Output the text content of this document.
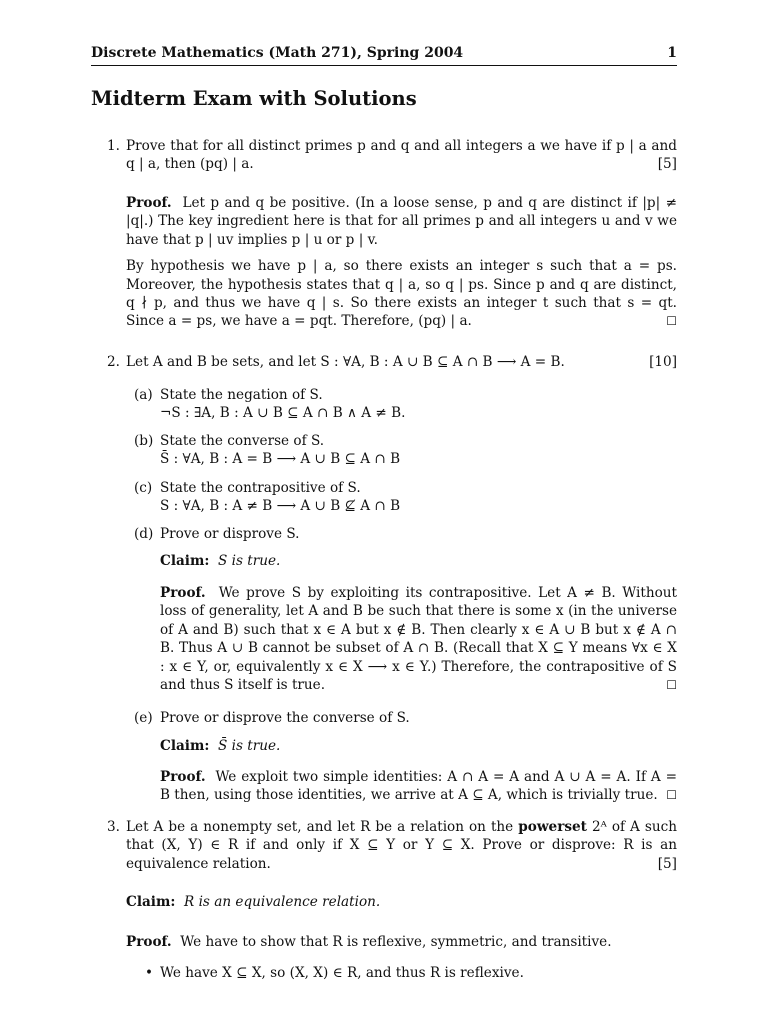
Discrete Mathematics (Math 271), Spring 2004	1
Midterm Exam with Solutions
1. Prove that for all distinct primes p and q and all integers a we have if p | a and q | a, then (pq) | a.	[5]
Proof. Let p and q be positive. (In a loose sense, p and q are distinct if |p| ≠ |q|.) The key ingredient here is that for all primes p and all integers u and v we have that p | uv implies p | u or p | v.
By hypothesis we have p | a, so there exists an integer s such that a = ps. Moreover, the hypothesis states that q | a, so q | ps. Since p and q are distinct, q ∤ p, and thus we have q | s. So there exists an integer t such that s = qt. Since a = ps, we have a = pqt. Therefore, (pq) | a.	☐
2. Let A and B be sets, and let S : ∀A, B : A ∪ B ⊆ A ∩ B ⟶ A = B.	[10]
(a) State the negation of S.
¬S : ∃A, B : A ∪ B ⊆ A ∩ B ∧ A ≠ B.
(b) State the converse of S.
S̄ : ∀A, B : A = B ⟶ A ∪ B ⊆ A ∩ B
(c) State the contrapositive of S.
S : ∀A, B : A ≠ B ⟶ A ∪ B ⊈ A ∩ B
(d) Prove or disprove S.
Claim: S is true.
Proof. We prove S by exploiting its contrapositive. Let A ≠ B. Without loss of generality, let A and B be such that there is some x (in the universe of A and B) such that x ∈ A but x ∉ B. Then clearly x ∈ A ∪ B but x ∉ A ∩ B. Thus A ∪ B cannot be subset of A ∩ B. (Recall that X ⊆ Y means ∀x ∈ X : x ∈ Y, or, equivalently x ∈ X ⟶ x ∈ Y.) Therefore, the contrapositive of S and thus S itself is true.	☐
(e) Prove or disprove the converse of S.
Claim: S̄ is true.
Proof. We exploit two simple identities: A ∩ A = A and A ∪ A = A. If A = B then, using those identities, we arrive at A ⊆ A, which is trivially true. ☐
3. Let A be a nonempty set, and let R be a relation on the powerset 2ᴬ of A such that (X, Y) ∈ R if and only if X ⊆ Y or Y ⊆ X. Prove or disprove: R is an equivalence relation.	[5]
Claim: R is an equivalence relation.
Proof. We have to show that R is reflexive, symmetric, and transitive.
• We have X ⊆ X, so (X, X) ∈ R, and thus R is reflexive.
